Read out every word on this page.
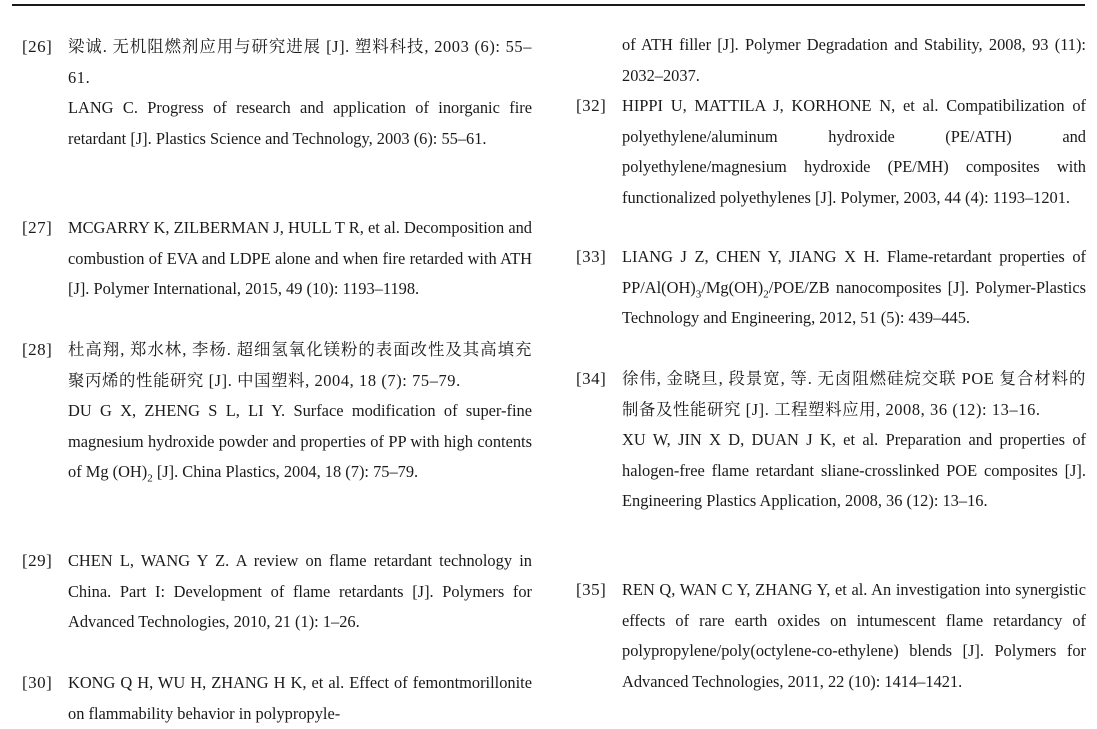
[26] 梁诚. 无机阻燃剂应用与研究进展 [J]. 塑料科技, 2003 (6): 55–61.
LANG C. Progress of research and application of inorganic fire retardant [J]. Plastics Science and Technology, 2003 (6): 55–61.
[27] MCGARRY K, ZILBERMAN J, HULL T R, et al. Decomposition and combustion of EVA and LDPE alone and when fire retarded with ATH [J]. Polymer International, 2015, 49 (10): 1193–1198.
[28] 杜高翔, 郑水林, 李杨. 超细氢氧化镁粉的表面改性及其高填充聚丙烯的性能研究 [J]. 中国塑料, 2004, 18 (7): 75–79.
DU G X, ZHENG S L, LI Y. Surface modification of super-fine magnesium hydroxide powder and properties of PP with high contents of Mg $(OH)_2$ [J]. China Plastics, 2004, 18 (7): 75–79.
[29] CHEN L, WANG Y Z. A review on flame retardant technology in China. Part I: Development of flame retardants [J]. Polymers for Advanced Technologies, 2010, 21 (1): 1–26.
[30] KONG Q H, WU H, ZHANG H K, et al. Effect of femontmorillonite on flammability behavior in polypropyle-
of ATH filler [J]. Polymer Degradation and Stability, 2008, 93 (11): 2032–2037.
[32] HIPPI U, MATTILA J, KORHONE N, et al. Compatibilization of polyethylene/aluminum hydroxide (PE/ATH) and polyethylene/magnesium hydroxide (PE/MH) composites with functionalized polyethylenes [J]. Polymer, 2003, 44 (4): 1193–1201.
[33] LIANG J Z, CHEN Y, JIANG X H. Flame-retardant properties of $PP/Al(OH)_3/Mg(OH)_2/POE/ZB$ nanocomposites [J]. Polymer-Plastics Technology and Engineering, 2012, 51 (5): 439–445.
[34] 徐伟, 金晓旦, 段景宽, 等. 无卤阻燃硅烷交联 POE 复合材料的制备及性能研究 [J]. 工程塑料应用, 2008, 36 (12): 13–16.
XU W, JIN X D, DUAN J K, et al. Preparation and properties of halogen-free flame retardant sliane-crosslinked POE composites [J]. Engineering Plastics Application, 2008, 36 (12): 13–16.
[35] REN Q, WAN C Y, ZHANG Y, et al. An investigation into synergistic effects of rare earth oxides on intumescent flame retardancy of polypropylene/poly(octylene-co-ethylene) blends [J]. Polymers for Advanced Technologies, 2011, 22 (10): 1414–1421.
